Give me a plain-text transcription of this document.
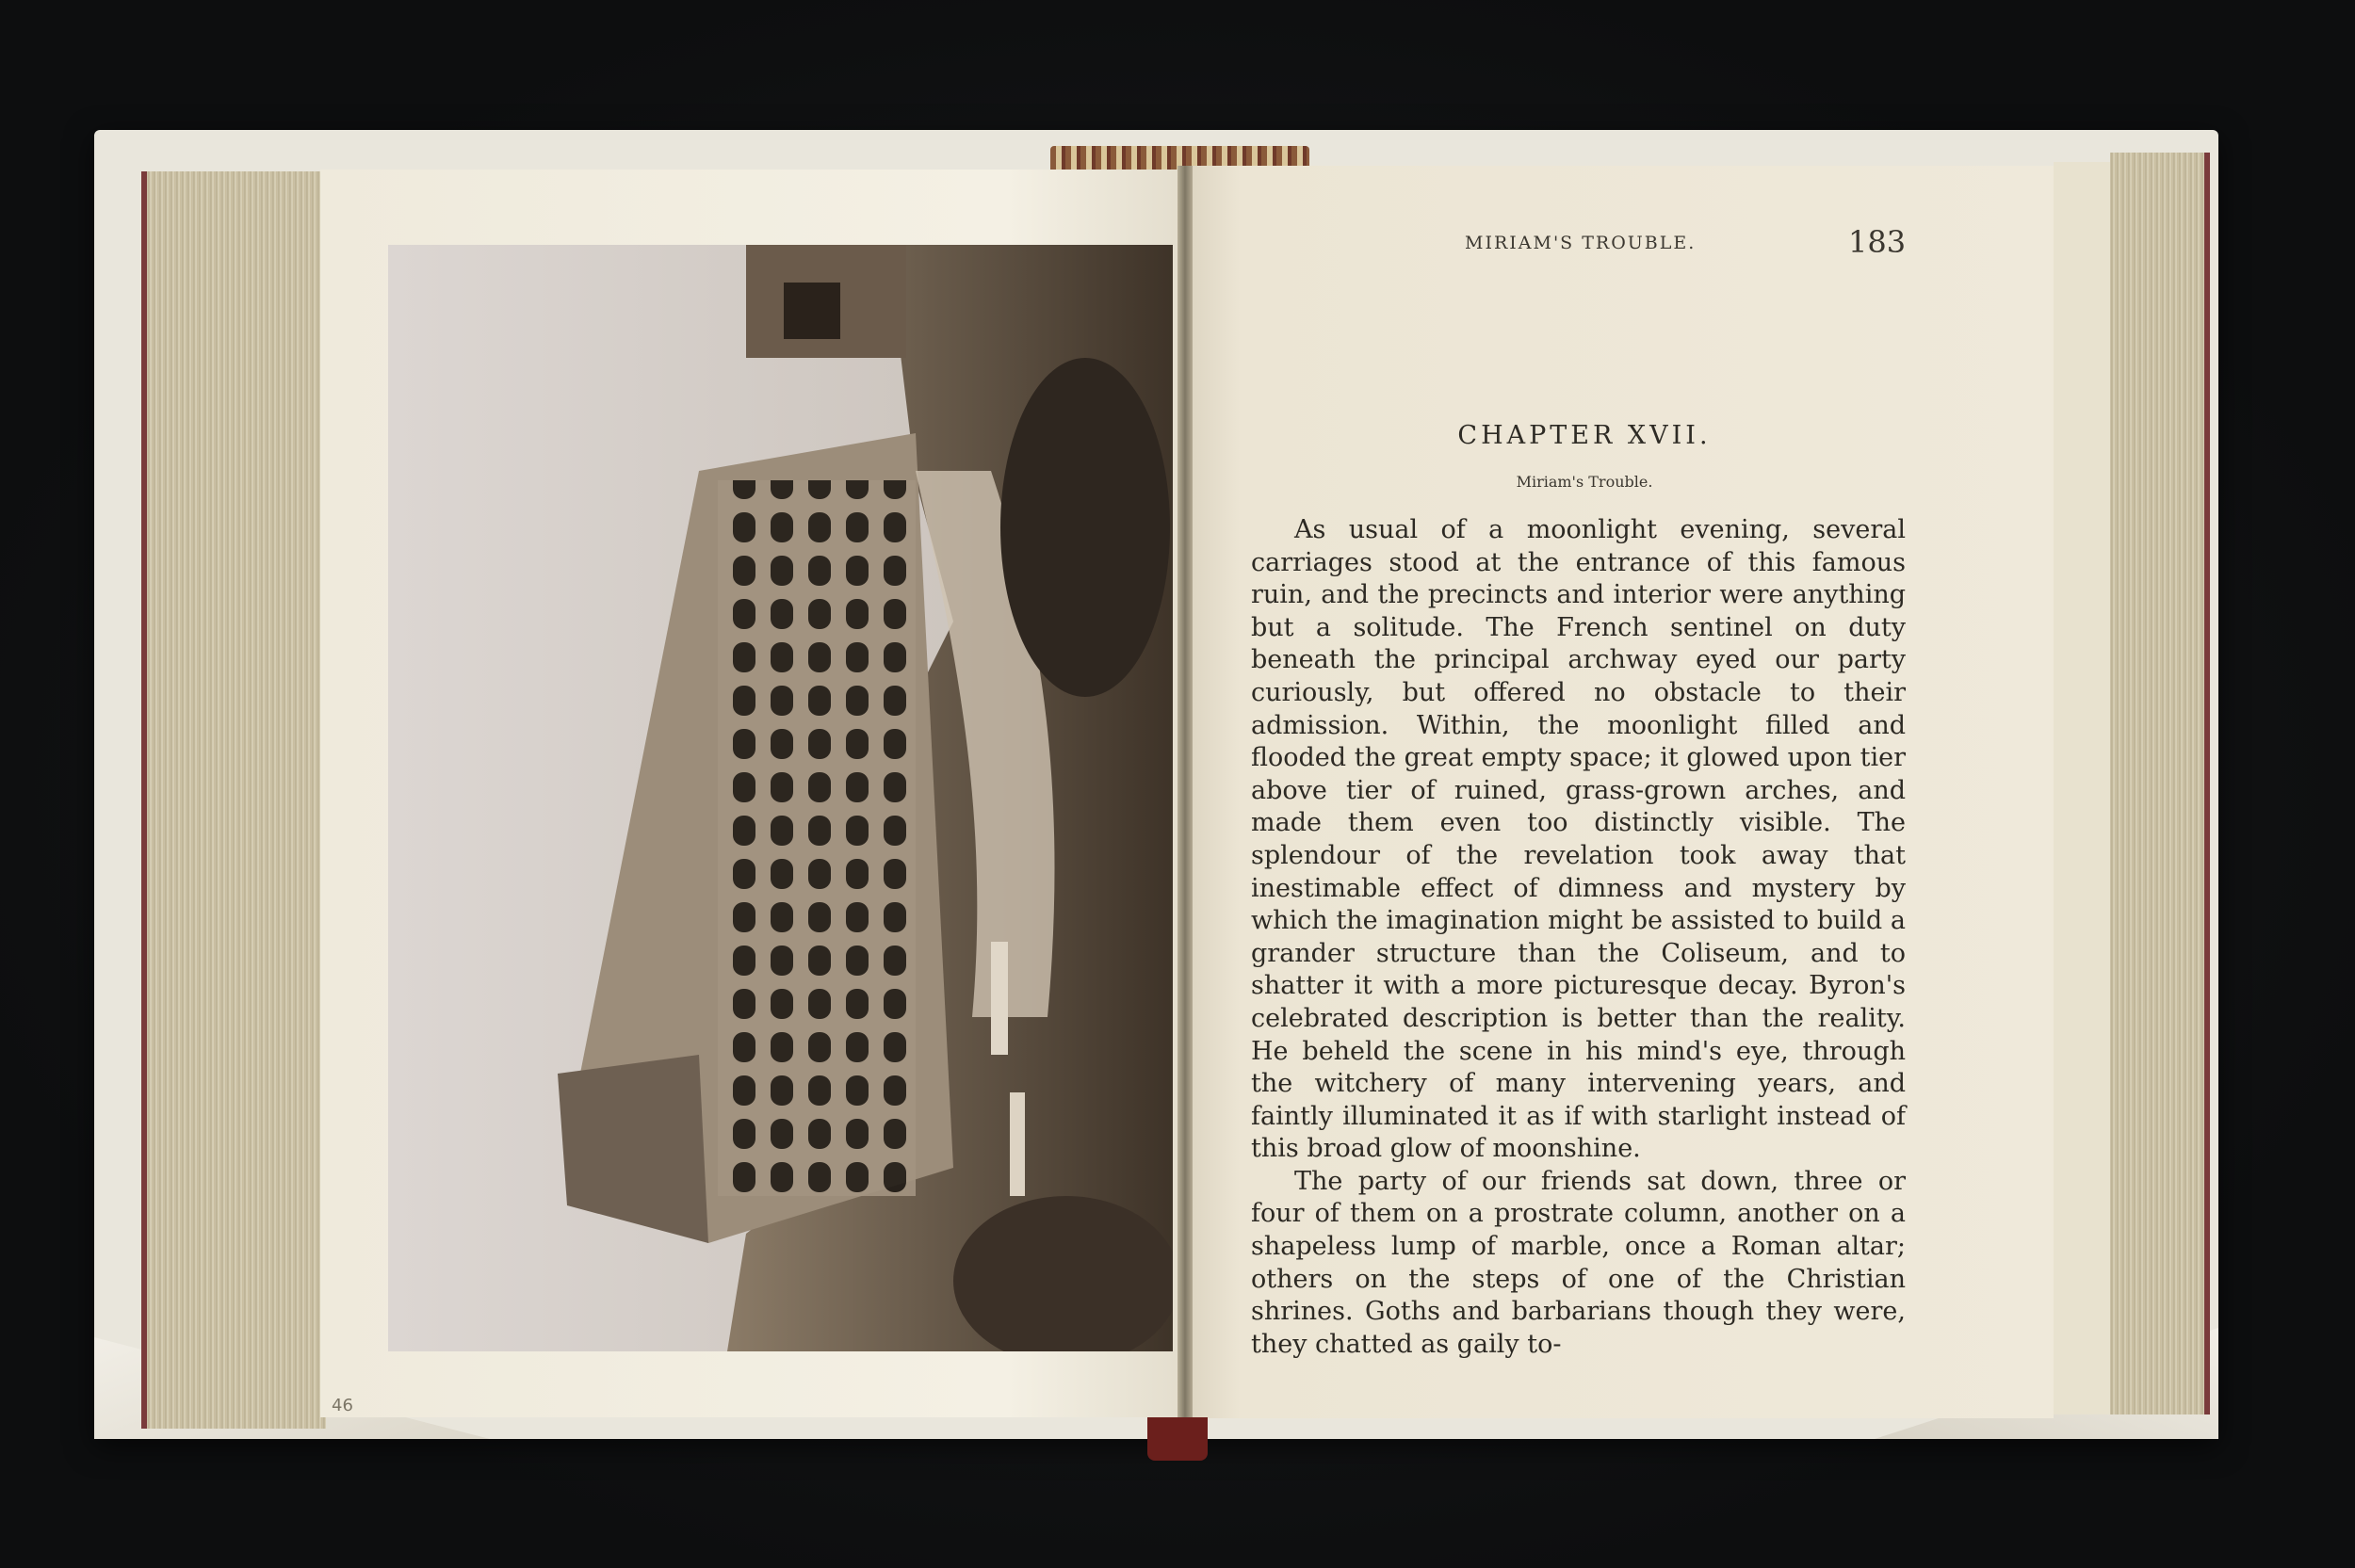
46
MIRIAM'S TROUBLE.	183
CHAPTER XVII.
Miriam's Trouble.

As usual of a moonlight evening, several carriages stood at the entrance of this famous ruin, and the precincts and interior were anything but a solitude. The French sentinel on duty beneath the principal archway eyed our party curiously, but offered no obstacle to their admission. Within, the moonlight filled and flooded the great empty space; it glowed upon tier above tier of ruined, grass-grown arches, and made them even too distinctly visible. The splendour of the revelation took away that inestimable effect of dimness and mystery by which the imagination might be assisted to build a grander structure than the Coliseum, and to shatter it with a more picturesque decay. Byron's celebrated description is better than the reality. He beheld the scene in his mind's eye, through the witchery of many intervening years, and faintly illuminated it as if with starlight instead of this broad glow of moonshine.

The party of our friends sat down, three or four of them on a prostrate column, another on a shapeless lump of marble, once a Roman altar; others on the steps of one of the Christian shrines. Goths and barbarians though they were, they chatted as gaily to-
